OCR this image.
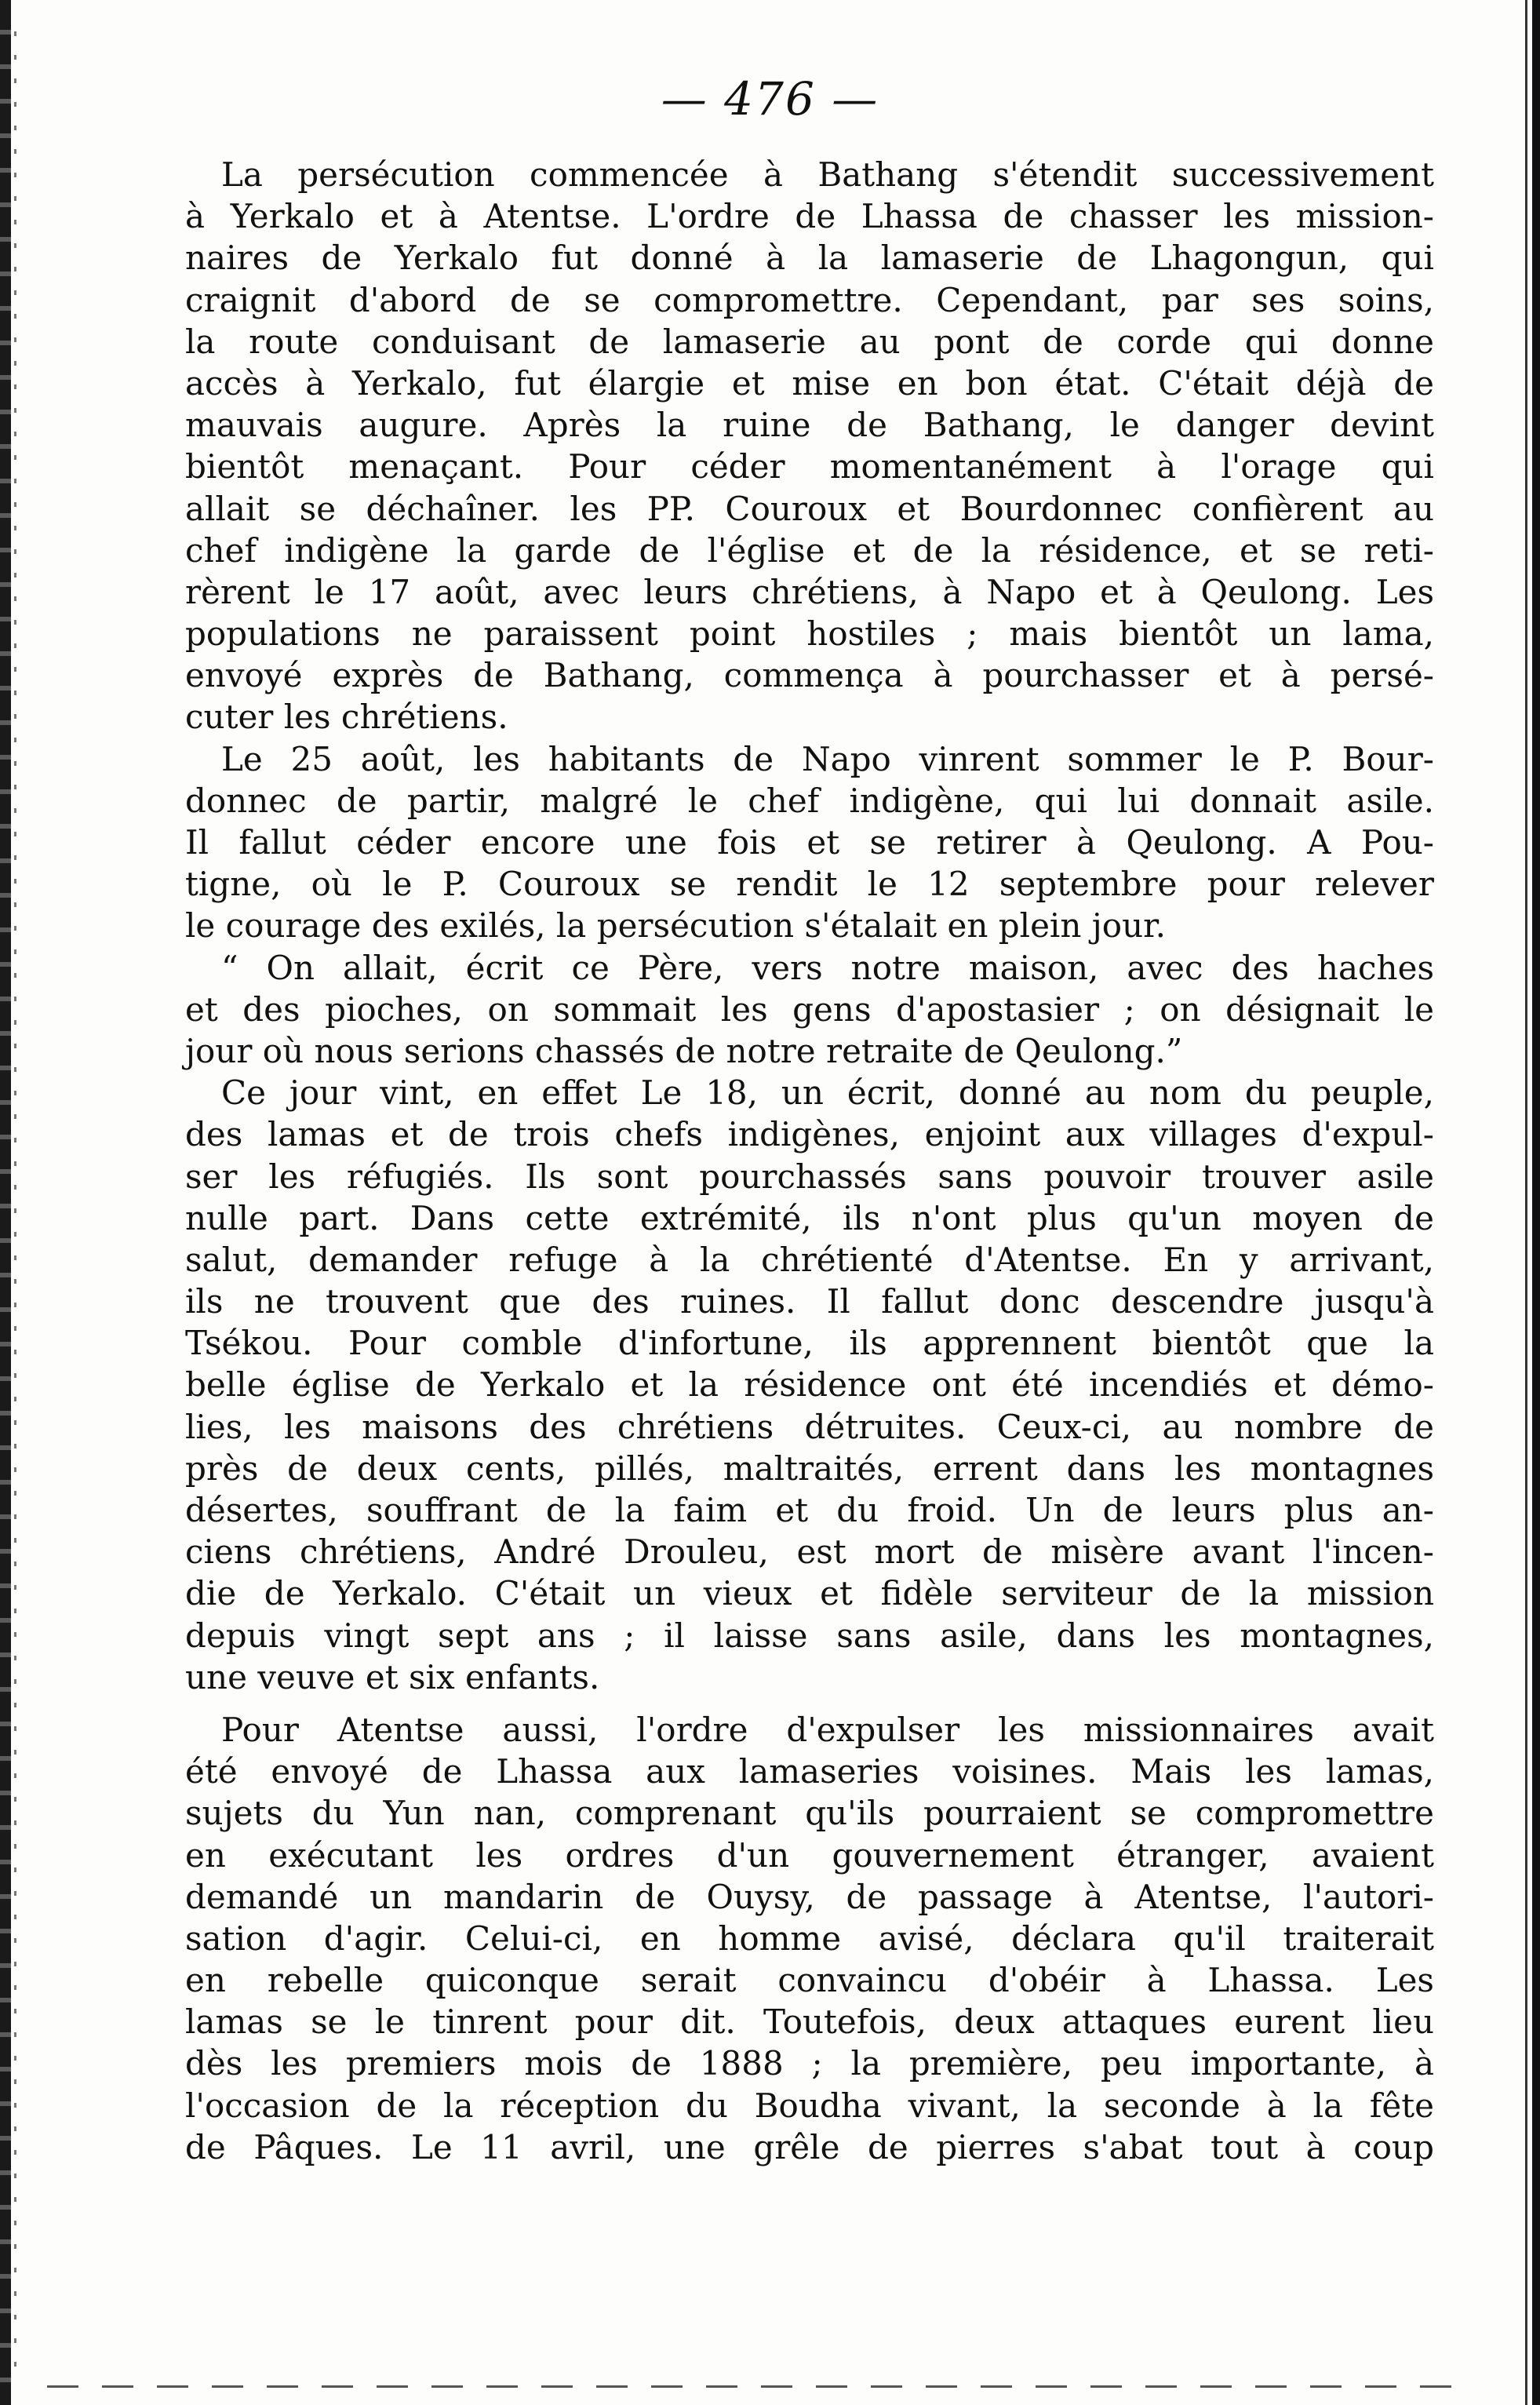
— 476 —
La persécution commencée à Bathang s'étendit successivement
à Yerkalo et à Atentse. L'ordre de Lhassa de chasser les mission-
naires de Yerkalo fut donné à la lamaserie de Lhagongun, qui
craignit d'abord de se compromettre. Cependant, par ses soins,
la route conduisant de lamaserie au pont de corde qui donne
accès à Yerkalo, fut élargie et mise en bon état. C'était déjà de
mauvais augure. Après la ruine de Bathang, le danger devint
bientôt menaçant. Pour céder momentanément à l'orage qui
allait se déchaîner. les PP. Couroux et Bourdonnec confièrent au
chef indigène la garde de l'église et de la résidence, et se reti-
rèrent le 17 août, avec leurs chrétiens, à Napo et à Qeulong. Les
populations ne paraissent point hostiles ; mais bientôt un lama,
envoyé exprès de Bathang, commença à pourchasser et à persé-
cuter les chrétiens.
Le 25 août, les habitants de Napo vinrent sommer le P. Bour-
donnec de partir, malgré le chef indigène, qui lui donnait asile.
Il fallut céder encore une fois et se retirer à Qeulong. A Pou-
tigne, où le P. Couroux se rendit le 12 septembre pour relever
le courage des exilés, la persécution s'étalait en plein jour.
“ On allait, écrit ce Père, vers notre maison, avec des haches
et des pioches, on sommait les gens d'apostasier ; on désignait le
jour où nous serions chassés de notre retraite de Qeulong.”
Ce jour vint, en effet Le 18, un écrit, donné au nom du peuple,
des lamas et de trois chefs indigènes, enjoint aux villages d'expul-
ser les réfugiés. Ils sont pourchassés sans pouvoir trouver asile
nulle part. Dans cette extrémité, ils n'ont plus qu'un moyen de
salut, demander refuge à la chrétienté d'Atentse. En y arrivant,
ils ne trouvent que des ruines. Il fallut donc descendre jusqu'à
Tsékou. Pour comble d'infortune, ils apprennent bientôt que la
belle église de Yerkalo et la résidence ont été incendiés et démo-
lies, les maisons des chrétiens détruites. Ceux-ci, au nombre de
près de deux cents, pillés, maltraités, errent dans les montagnes
désertes, souffrant de la faim et du froid. Un de leurs plus an-
ciens chrétiens, André Drouleu, est mort de misère avant l'incen-
die de Yerkalo. C'était un vieux et fidèle serviteur de la mission
depuis vingt sept ans ; il laisse sans asile, dans les montagnes,
une veuve et six enfants.
Pour Atentse aussi, l'ordre d'expulser les missionnaires avait
été envoyé de Lhassa aux lamaseries voisines. Mais les lamas,
sujets du Yun nan, comprenant qu'ils pourraient se compromettre
en exécutant les ordres d'un gouvernement étranger, avaient
demandé un mandarin de Ouysy, de passage à Atentse, l'autori-
sation d'agir. Celui-ci, en homme avisé, déclara qu'il traiterait
en rebelle quiconque serait convaincu d'obéir à Lhassa. Les
lamas se le tinrent pour dit. Toutefois, deux attaques eurent lieu
dès les premiers mois de 1888 ; la première, peu importante, à
l'occasion de la réception du Boudha vivant, la seconde à la fête
de Pâques. Le 11 avril, une grêle de pierres s'abat tout à coup
